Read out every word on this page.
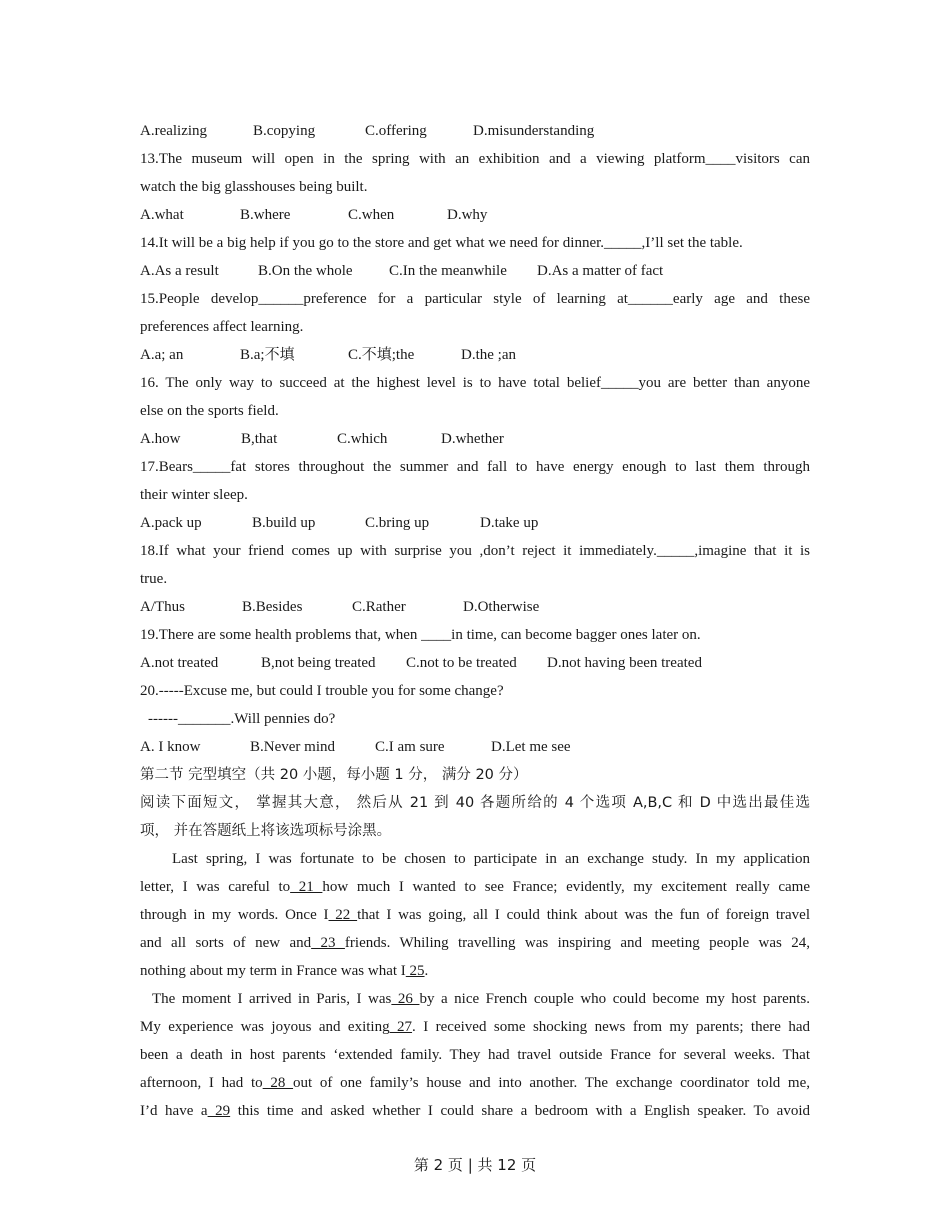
A.realizing	B.copying	C.offering	D.misunderstanding
13.The museum will open in the spring with an exhibition and a viewing platform____visitors can
watch the big glasshouses being built.
A.what	B.where	C.when	D.why
14.It will be a big help if you go to the store and get what we need for dinner._____,I’ll set the table.
A.As a result	B.On the whole	C.In the meanwhile	D.As a matter of fact
15.People develop______preference for a particular style of learning at______early age and these
preferences affect learning.
A.a; an	B.a;不填	C.不填;the	D.the ;an
16. The only way to succeed at the highest level is to have total belief_____you are better than anyone
else on the sports field.
A.how	B,that	C.which	D.whether
17.Bears_____fat stores throughout the summer and fall to have energy enough to last them through
their winter sleep.
A.pack up	B.build up	C.bring up	D.take up
18.If what your friend comes up with surprise you ,don’t reject it immediately._____,imagine that it is
true.
A/Thus	B.Besides	C.Rather	D.Otherwise
19.There are some health problems that, when ____in time, can become bagger ones later on.
A.not treated	B,not being treated	C.not to be treated	D.not having been treated
20.-----Excuse me, but could I trouble you for some change?
------_______.Will pennies do?
A. I know	B.Never mind	C.I am sure	D.Let me see
第二节 完型填空（共 20 小题，每小题 1 分， 满分 20 分）
阅读下面短文， 掌握其大意， 然后从 21 到 40 各题所给的 4 个选项 A,B,C 和 D 中选出最佳选
项， 并在答题纸上将该选项标号涂黑。
Last spring, I was fortunate to be chosen to participate in an exchange study. In my application
letter, I was careful to 21 how much I wanted to see France; evidently, my excitement really came
through in my words. Once I 22 that I was going, all I could think about was the fun of foreign travel
and all sorts of new and 23 friends. Whiling travelling was inspiring and meeting people was 24,
nothing about my term in France was what I 25.
The moment I arrived in Paris, I was 26 by a nice French couple who could become my host parents.
My experience was joyous and exiting 27. I received some shocking news from my parents; there had
been a death in host parents ‘extended family. They had travel outside France for several weeks. That
afternoon, I had to 28 out of one family’s house and into another. The exchange coordinator told me,
I’d have a 29 this time and asked whether I could share a bedroom with a English speaker. To avoid
第 2 页 | 共 12 页
